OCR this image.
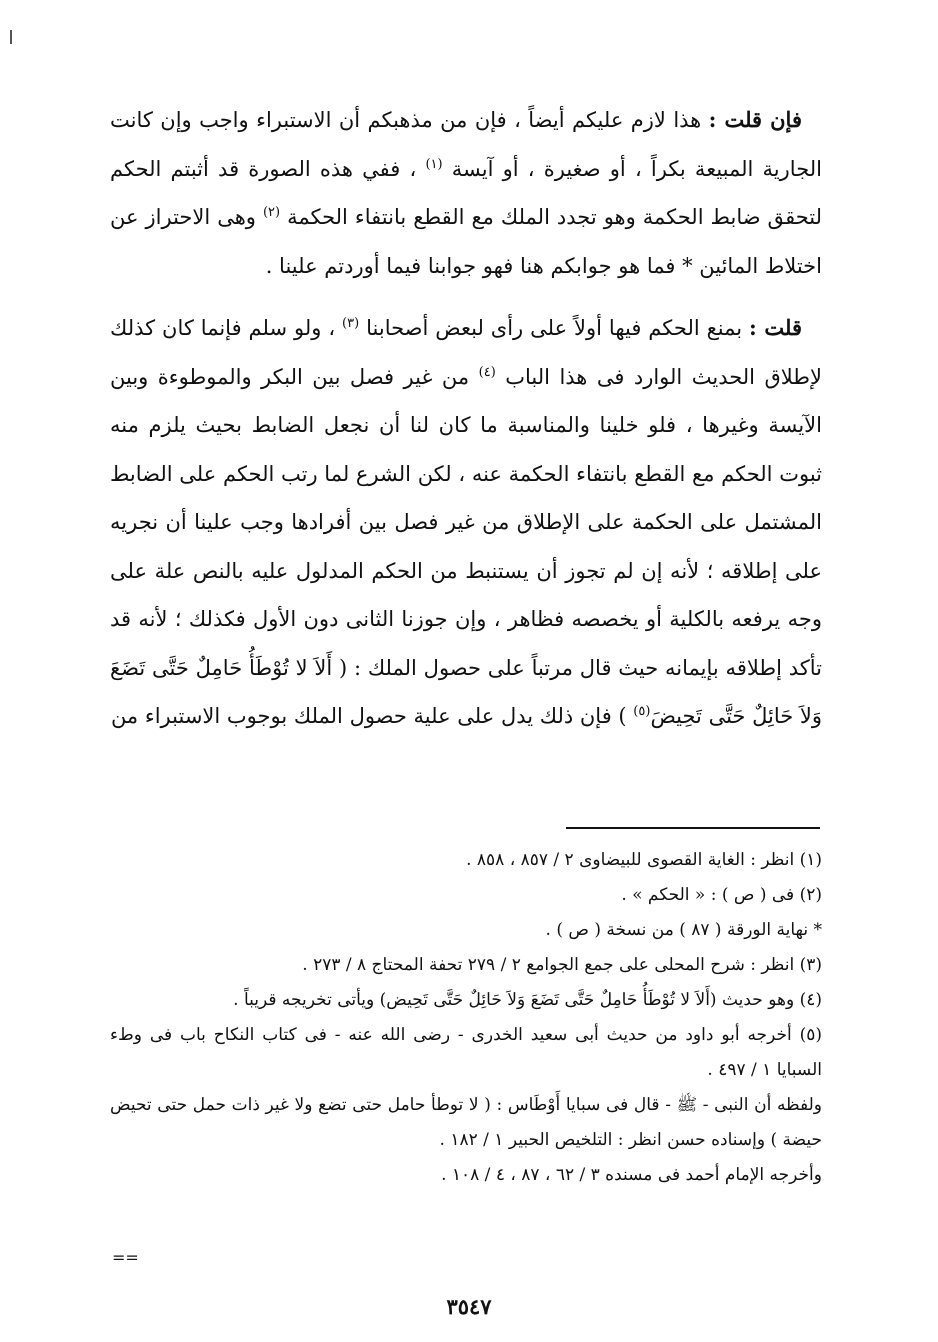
فإن قلت : هذا لازم عليكم أيضاً ، فإن من مذهبكم أن الاستبراء واجب وإن كانت الجارية المبيعة بكراً ، أو صغيرة ، أو آيسة $^{(١)}$ ، ففي هذه الصورة قد أثبتم الحكم لتحقق ضابط الحكمة وهو تجدد الملك مع القطع بانتفاء الحكمة $^{(٢)}$ وهى الاحتراز عن اختلاط المائين * فما هو جوابكم هنا فهو جوابنا فيما أوردتم علينا .

قلت : بمنع الحكم فيها أولاً على رأى لبعض أصحابنا $^{(٣)}$ ، ولو سلم فإنما كان كذلك لإطلاق الحديث الوارد فى هذا الباب $^{(٤)}$ من غير فصل بين البكر والموطوءة وبين الآيسة وغيرها ، فلو خلينا والمناسبة ما كان لنا أن نجعل الضابط بحيث يلزم منه ثبوت الحكم مع القطع بانتفاء الحكمة عنه ، لكن الشرع لما رتب الحكم على الضابط المشتمل على الحكمة على الإطلاق من غير فصل بين أفرادها وجب علينا أن نجريه على إطلاقه ؛ لأنه إن لم تجوز أن يستنبط من الحكم المدلول عليه بالنص علة على وجه يرفعه بالكلية أو يخصصه فظاهر ، وإن جوزنا الثانى دون الأول فكذلك ؛ لأنه قد تأكد إطلاقه بإيمانه حيث قال مرتباً على حصول الملك : ( أَلاَ لا تُوْطَأُ حَامِلٌ حَتَّى تَضَعَ وَلاَ حَائِلٌ حَتَّى تَحِيضَ$^{(٥)}$ ) فإن ذلك يدل على علية حصول الملك بوجوب الاستبراء من

(١) انظر : الغاية القصوى للبيضاوى ٢ / ٨٥٧ ، ٨٥٨ .

(٢) فى ( ص ) : « الحكم » .

* نهاية الورقة ( ٨٧ ) من نسخة ( ص ) .

(٣) انظر : شرح المحلى على جمع الجوامع ٢ / ٢٧٩ تحفة المحتاج ٨ / ٢٧٣ .

(٤) وهو حديث (أَلاَ لا تُوْطَأُ حَامِلٌ حَتَّى تَضَعَ وَلاَ حَائِلٌ حَتَّى تَحِيض) ويأتى تخريجه قريباً .

(٥) أخرجه أبو داود من حديث أبى سعيد الخدرى - رضى الله عنه - فى كتاب النكاح باب فى وطء السبايا ١ / ٤٩٧ .

ولفظه أن النبى - ﷺ - قال فى سبايا أَوْطَاس : ( لا توطأ حامل حتى تضع ولا غير ذات حمل حتى تحيض حيضة ) وإسناده حسن انظر : التلخيص الحبير ١ / ١٨٢ .

وأخرجه الإمام أحمد فى مسنده ٣ / ٦٢ ، ٨٧ ، ٤ / ١٠٨ .

==
٣٥٤٧
